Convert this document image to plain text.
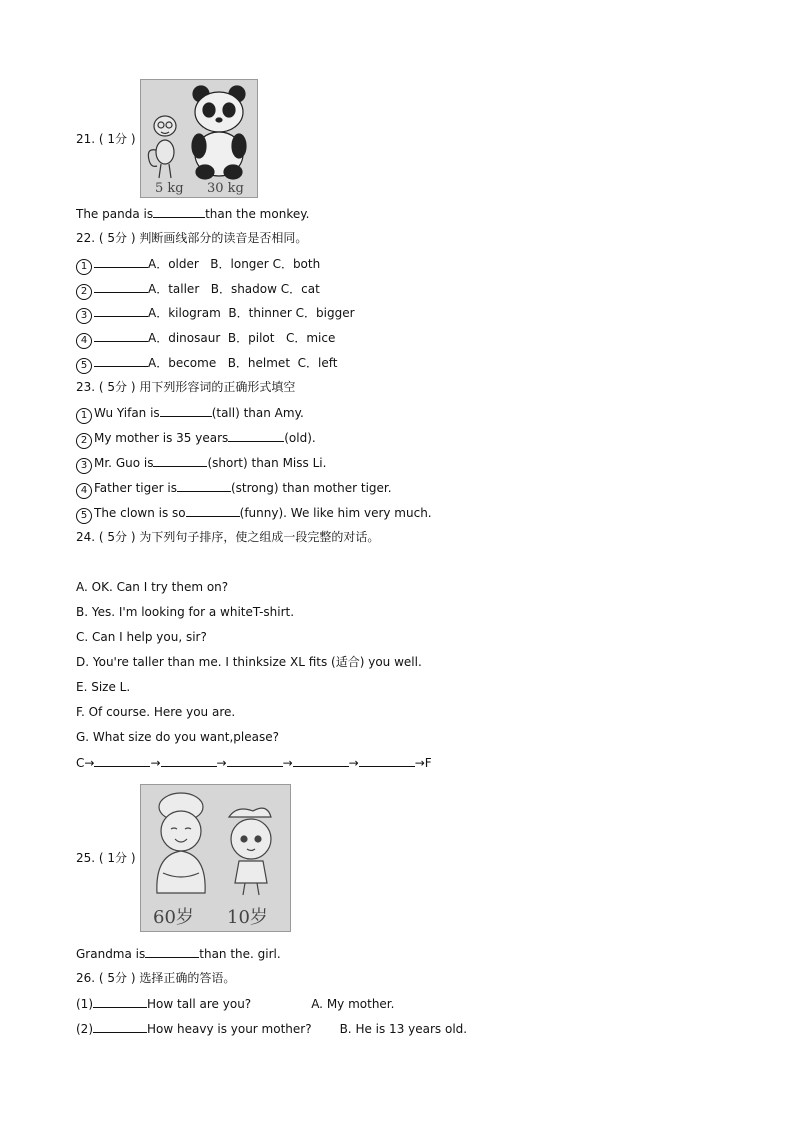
21. ( 1分 )
5 kg 30 kg
The panda is	than the monkey.
22. ( 5分 ) 判断画线部分的读音是否相同。
1	A．older B．longer C．both
2	A．taller B．shadow C．cat
3	A．kilogram B．thinner C．bigger
4	A．dinosaur B．pilot C．mice
5	A．become B．helmet C．left
23. ( 5分 ) 用下列形容词的正确形式填空
1 Wu Yifan is	(tall) than Amy.
2 My mother is 35 years	(old).
3 Mr. Guo is	(short) than Miss Li.
4 Father tiger is	(strong) than mother tiger.
5 The clown is so	(funny). We like him very much.
24. ( 5分 ) 为下列句子排序，使之组成一段完整的对话。
A. OK. Can I try them on?
B. Yes. I'm looking for a whiteT-shirt.
C. Can I help you, sir?
D. You're taller than me. I thinksize XL fits (适合) you well.
E. Size L.
F. Of course. Here you are.
G. What size do you want,please?
C→	→	→	→	→	→F
25. ( 1分 )
60岁 10岁
Grandma is	than the. girl.
26. ( 5分 ) 选择正确的答语。
(1)	How tall are you?	A. My mother.
(2)	How heavy is your mother? B. He is 13 years old.
